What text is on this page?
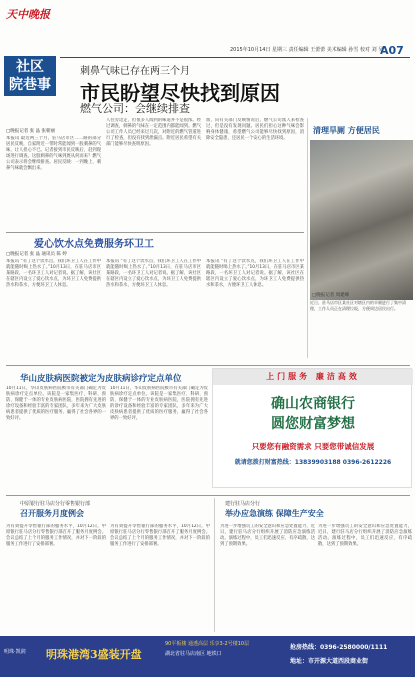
天中晚报
社区
院巷事
2015年10月14日 星期三 责任编辑 王蕾蕾 美术编辑 孙雪 校对 刘 吴
A07
刺鼻气味已存在两三个月
市民盼望尽快找到原因
燃气公司：会继续排查
□晚报记者 张 晶 张朝丽
本报讯 最近两三个月，驻马店市区二二路的部分居民反映，自家附近一带时常能闻到一股刺鼻的气味，让人担心不已。记者接到市民反映后，赶到现场进行调查。这股刺鼻的气味到底从何而来？燃气公司表示将会继续排查。居民反映：一到晚上，刺鼻气味就会飘出来。
人往旁边走，但很多人闻到的味道并不是很浓。经过调查，刺鼻的气味在一定范围内都能闻到。燃气公司工作人员已经来过几次，对附近的燃气管道进行了检查，但没有找到泄漏点。附近居民希望有关部门能够尽快查明原因。
加，向有关部门反映情况后，燃气公司派人来检查过，但是没有发现问题。居民们担心这种气味会影响身体健康，希望燃气公司能够尽快找到原因，消除安全隐患，还居民一个安心的生活环境。
清理旱厕 方便居民
□晚报记者 周建峰
近日，驻马店市区某社区对辖区内的旱厕进行了集中清理，工作人员正在清理垃圾，方便周边居民出行。
爱心饮水点免费服务环卫工
□晚报记者 张 晶 通讯员 陈 婷
本报讯 “有了这个饮水点，我们环卫工人在工作中就能随时喝上热水了。”10月13日，在驻马店市区某路段，一名环卫工人对记者说。据了解，该社区在辖区内设立了爱心饮水点，为环卫工人免费提供热水和茶水，方便环卫工人休息。
本报讯 “有了这个饮水点，我们环卫工人在工作中就能随时喝上热水了。”10月13日，在驻马店市区某路段，一名环卫工人对记者说。据了解，该社区在辖区内设立了爱心饮水点，为环卫工人免费提供热水和茶水，方便环卫工人休息。
本报讯 “有了这个饮水点，我们环卫工人在工作中就能随时喝上热水了。”10月13日，在驻马店市区某路段，一名环卫工人对记者说。据了解，该社区在辖区内设立了爱心饮水点，为环卫工人免费提供热水和茶水，方便环卫工人休息。
华山皮肤病医院被定为皮肤病诊疗定点单位
10月11日，华山皮肤病医院被市有关部门确定为皮肤病诊疗定点单位。该院是一家集医疗、科研、预防、保健于一体的专业皮肤病医院，医院拥有先进的诊疗设备和经验丰富的专家团队，多年来为广大皮肤病患者提供了优质的医疗服务，赢得了社会各界的一致好评。
10月11日，华山皮肤病医院被市有关部门确定为皮肤病诊疗定点单位。该院是一家集医疗、科研、预防、保健于一体的专业皮肤病医院，医院拥有先进的诊疗设备和经验丰富的专家团队，多年来为广大皮肤病患者提供了优质的医疗服务，赢得了社会各界的一致好评。
上门服务 廉洁高效
确山农商银行
圆您财富梦想
只要您有融资需求 只要您带诚信发展
就请您拨打财富热线：13839903188 0396-2612226
中原银行驻马店分行零售银行部
召开服务月度例会
为有效提升零售银行部的服务水平，10月12日，中原银行驻马店分行零售银行部召开了服务月度例会。会议总结了上个月的服务工作情况，并对下一阶段的服务工作进行了安排部署。
为有效提升零售银行部的服务水平，10月12日，中原银行驻马店分行零售银行部召开了服务月度例会。会议总结了上个月的服务工作情况，并对下一阶段的服务工作进行了安排部署。
建行驻马店分行
举办应急演练 保障生产安全
为进一步增强员工的安全意识和应急处置能力，近日，建行驻马店分行组织开展了消防应急演练活动。演练过程中，员工们迅速反应、有序疏散，达到了预期效果。
为进一步增强员工的安全意识和应急处置能力，近日，建行驻马店分行组织开展了消防应急演练活动。演练过程中，员工们迅速反应、有序疏散，达到了预期效果。
明珠·凯润 明珠港湾3盛装开盘
90平板楼 通透高层 乐享3-2号楼10层
湖北省驻马店南区 地铁口
抢房热线：0396-2580000/1111
地址：市开源大道西段商业街
